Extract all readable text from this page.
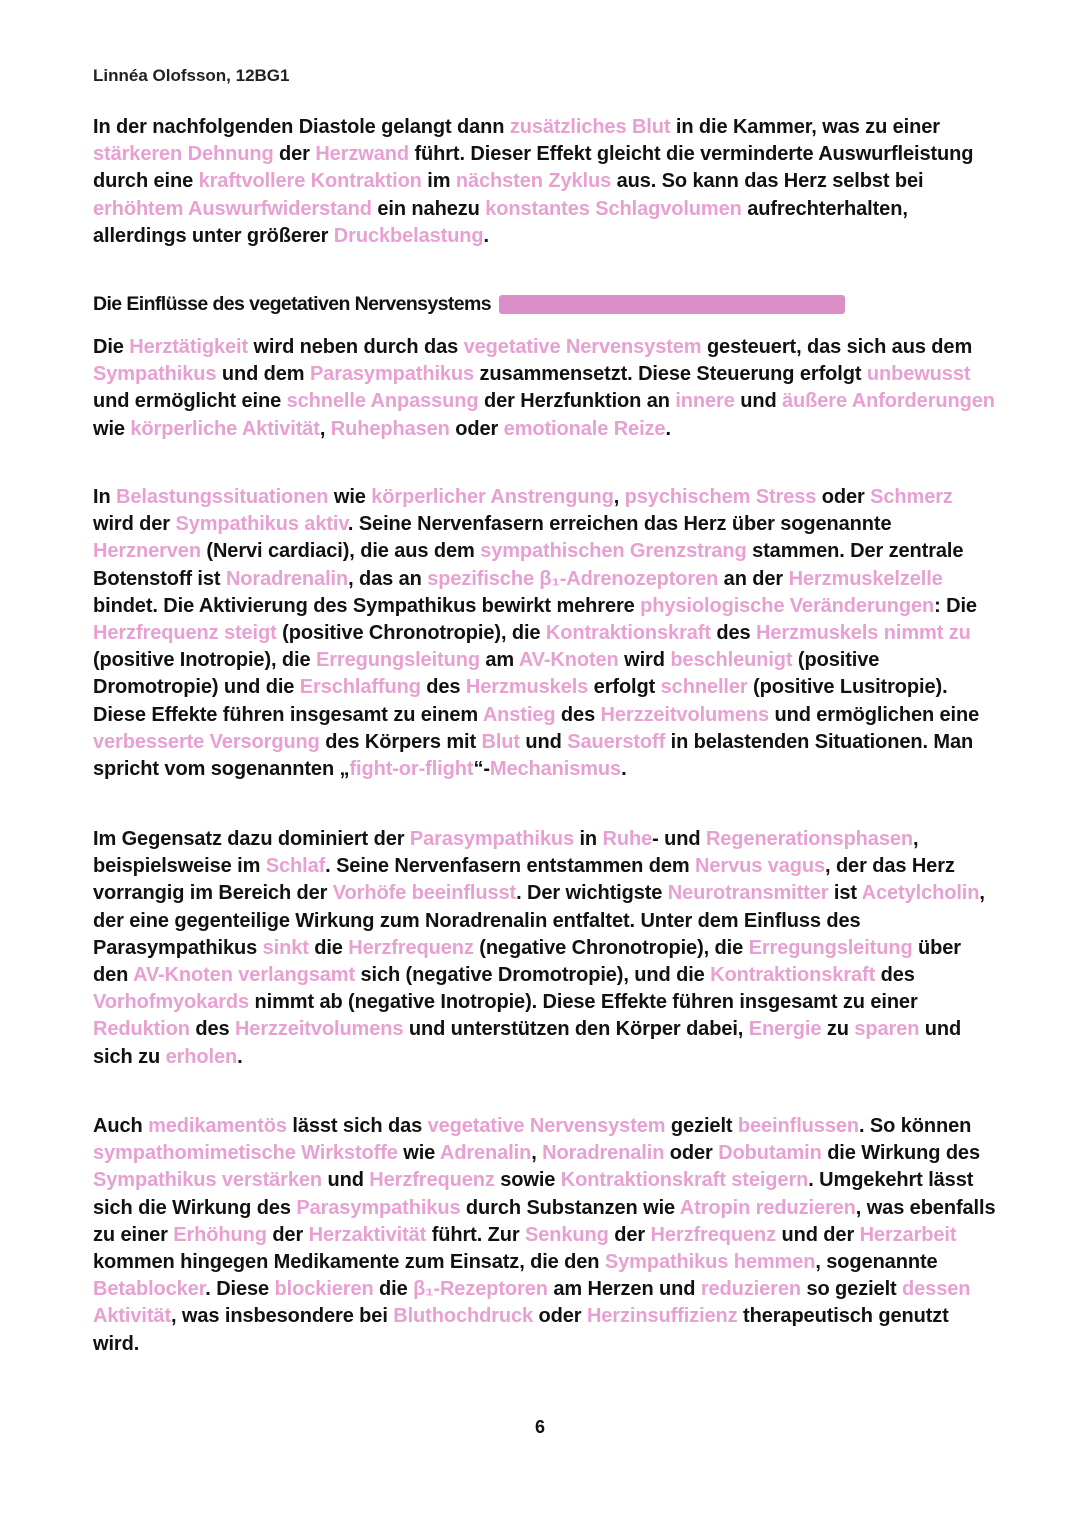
Linnéa Olofsson, 12BG1
In der nachfolgenden Diastole gelangt dann zusätzliches Blut in die Kammer, was zu einer stärkeren Dehnung der Herzwand führt. Dieser Effekt gleicht die verminderte Auswurfleistung durch eine kraftvollere Kontraktion im nächsten Zyklus aus. So kann das Herz selbst bei erhöhtem Auswurfwiderstand ein nahezu konstantes Schlagvolumen aufrechterhalten, allerdings unter größerer Druckbelastung.
Die Einflüsse des vegetativen Nervensystems
Die Herztätigkeit wird neben durch das vegetative Nervensystem gesteuert, das sich aus dem Sympathikus und dem Parasympathikus zusammensetzt. Diese Steuerung erfolgt unbewusst und ermöglicht eine schnelle Anpassung der Herzfunktion an innere und äußere Anforderungen wie körperliche Aktivität, Ruhephasen oder emotionale Reize.
In Belastungssituationen wie körperlicher Anstrengung, psychischem Stress oder Schmerz wird der Sympathikus aktiv. Seine Nervenfasern erreichen das Herz über sogenannte Herznerven (Nervi cardiaci), die aus dem sympathischen Grenzstrang stammen. Der zentrale Botenstoff ist Noradrenalin, das an spezifische β₁-Adrenozeptoren an der Herzmuskelzelle bindet. Die Aktivierung des Sympathikus bewirkt mehrere physiologische Veränderungen: Die Herzfrequenz steigt (positive Chronotropie), die Kontraktionskraft des Herzmuskels nimmt zu (positive Inotropie), die Erregungsleitung am AV-Knoten wird beschleunigt (positive Dromotropie) und die Erschlaffung des Herzmuskels erfolgt schneller (positive Lusitropie). Diese Effekte führen insgesamt zu einem Anstieg des Herzzeitvolumens und ermöglichen eine verbesserte Versorgung des Körpers mit Blut und Sauerstoff in belastenden Situationen. Man spricht vom sogenannten „fight-or-flight“-Mechanismus.
Im Gegensatz dazu dominiert der Parasympathikus in Ruhe- und Regenerationsphasen, beispielsweise im Schlaf. Seine Nervenfasern entstammen dem Nervus vagus, der das Herz vorrangig im Bereich der Vorhöfe beeinflusst. Der wichtigste Neurotransmitter ist Acetylcholin, der eine gegenteilige Wirkung zum Noradrenalin entfaltet. Unter dem Einfluss des Parasympathikus sinkt die Herzfrequenz (negative Chronotropie), die Erregungsleitung über den AV-Knoten verlangsamt sich (negative Dromotropie), und die Kontraktionskraft des Vorhofmyokards nimmt ab (negative Inotropie). Diese Effekte führen insgesamt zu einer Reduktion des Herzzeitvolumens und unterstützen den Körper dabei, Energie zu sparen und sich zu erholen.
Auch medikamentös lässt sich das vegetative Nervensystem gezielt beeinflussen. So können sympathomimetische Wirkstoffe wie Adrenalin, Noradrenalin oder Dobutamin die Wirkung des Sympathikus verstärken und Herzfrequenz sowie Kontraktionskraft steigern. Umgekehrt lässt sich die Wirkung des Parasympathikus durch Substanzen wie Atropin reduzieren, was ebenfalls zu einer Erhöhung der Herzaktivität führt. Zur Senkung der Herzfrequenz und der Herzarbeit kommen hingegen Medikamente zum Einsatz, die den Sympathikus hemmen, sogenannte Betablocker. Diese blockieren die β₁-Rezeptoren am Herzen und reduzieren so gezielt dessen Aktivität, was insbesondere bei Bluthochdruck oder Herzinsuffizienz therapeutisch genutzt wird.
6
